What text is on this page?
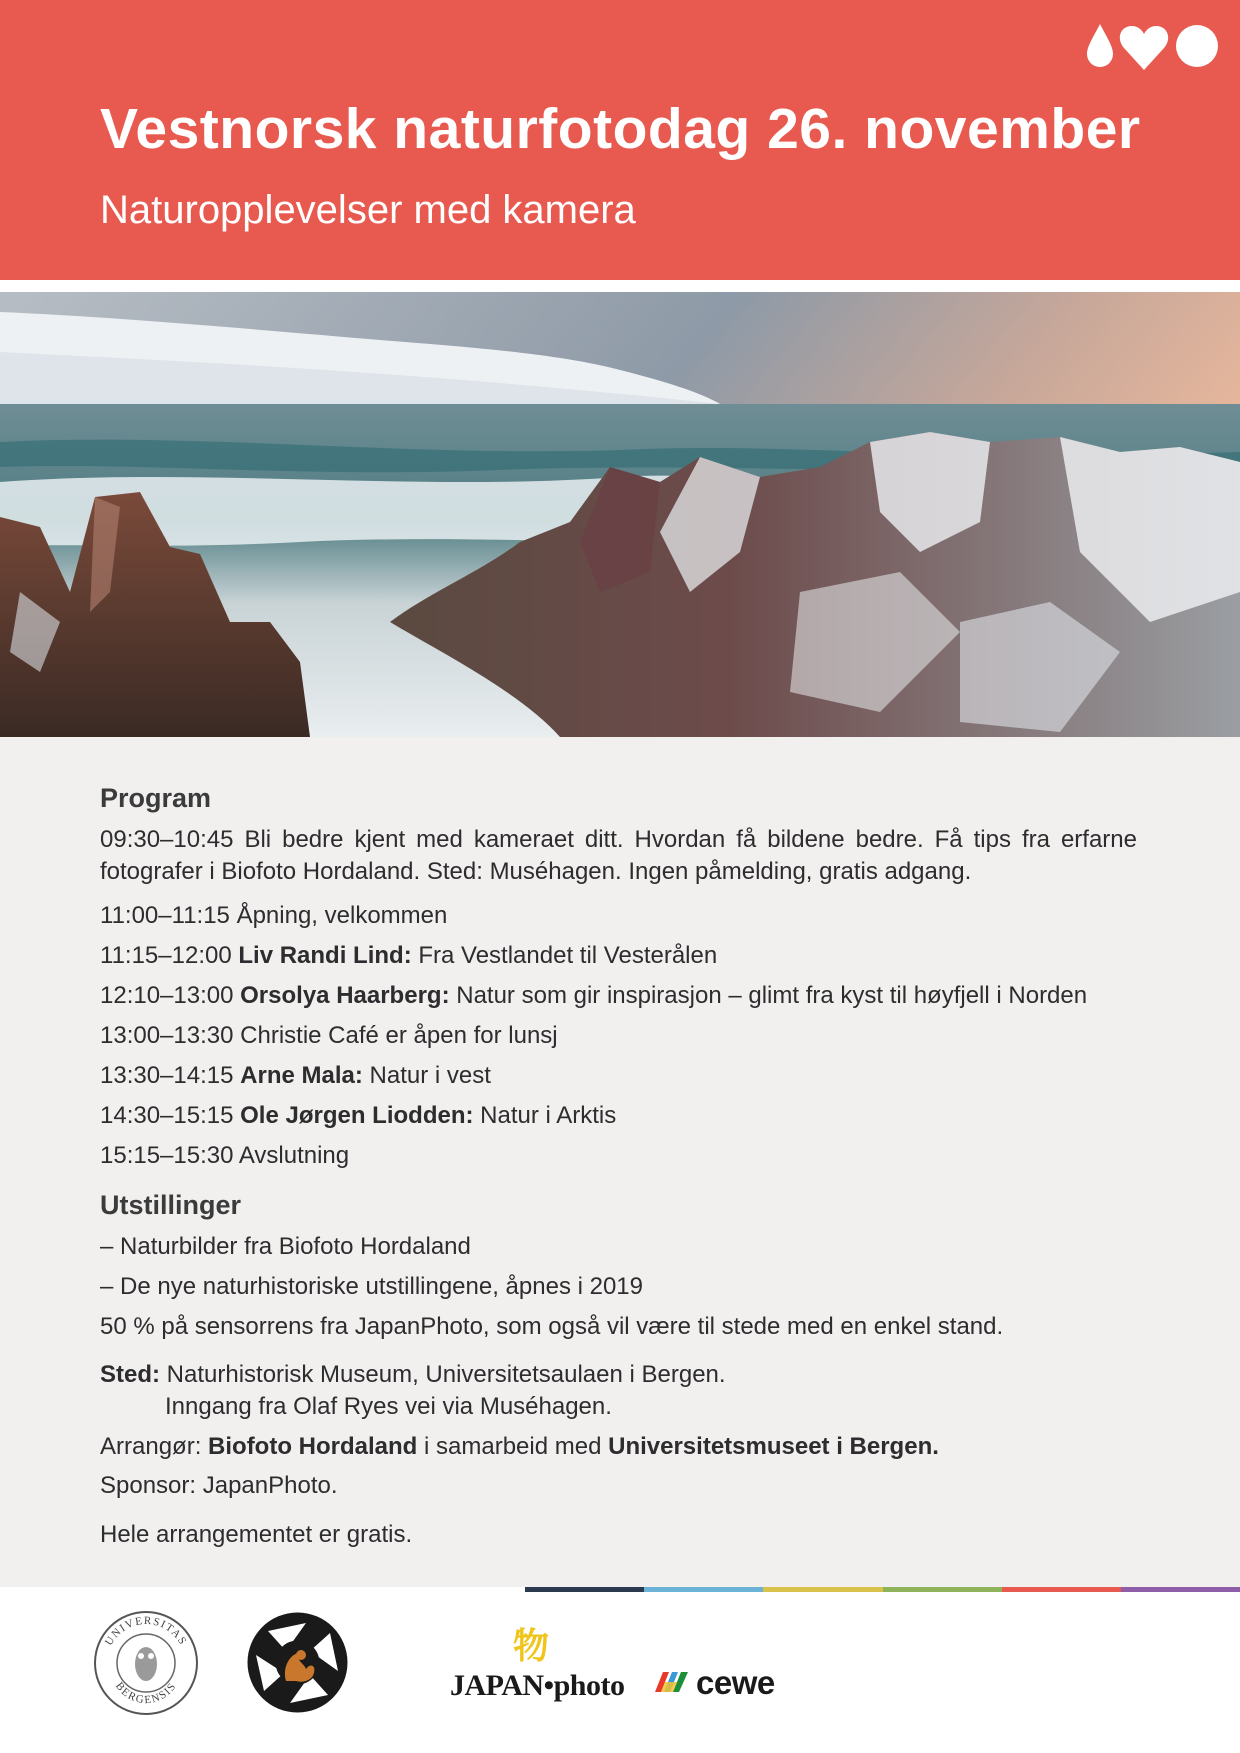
Vestnorsk naturfotodag 26. november
Naturopplevelser med kamera
Program
09:30–10:45 Bli bedre kjent med kameraet ditt. Hvordan få bildene bedre. Få tips fra erfarne fotografer i Biofoto Hordaland. Sted: Muséhagen. Ingen påmelding, gratis adgang.
11:00–11:15 Åpning, velkommen
11:15–12:00 Liv Randi Lind: Fra Vestlandet til Vesterålen
12:10–13:00 Orsolya Haarberg: Natur som gir inspirasjon – glimt fra kyst til høyfjell i Norden
13:00–13:30 Christie Café er åpen for lunsj
13:30–14:15 Arne Mala: Natur i vest
14:30–15:15 Ole Jørgen Liodden: Natur i Arktis
15:15–15:30 Avslutning
Utstillinger
– Naturbilder fra Biofoto Hordaland
– De nye naturhistoriske utstillingene, åpnes i 2019
50 % på sensorrens fra JapanPhoto, som også vil være til stede med en enkel stand.
Sted: Naturhistorisk Museum, Universitetsaulaen i Bergen.
Inngang fra Olaf Ryes vei via Muséhagen.
Arrangør: Biofoto Hordaland i samarbeid med Universitetsmuseet i Bergen.
Sponsor: JapanPhoto.
Hele arrangementet er gratis.
UNIVERSITAS
BERGENSIS
物
JAPAN•photo cewe
